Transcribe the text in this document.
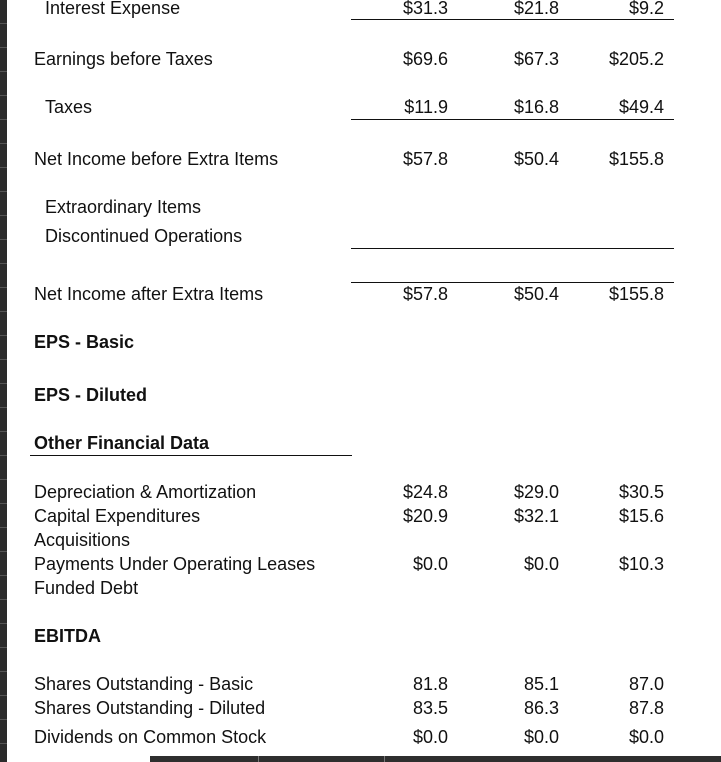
Interest Expense	$31.3	$21.8	$9.2
Earnings before Taxes	$69.6	$67.3	$205.2
Taxes	$11.9	$16.8	$49.4
Net Income before Extra Items	$57.8	$50.4	$155.8
Extraordinary Items
Discontinued Operations
Net Income after Extra Items	$57.8	$50.4	$155.8
EPS - Basic
EPS - Diluted
Other Financial Data
Depreciation & Amortization	$24.8	$29.0	$30.5
Capital Expenditures	$20.9	$32.1	$15.6
Acquisitions
Payments Under Operating Leases	$0.0	$0.0	$10.3
Funded Debt
EBITDA
Shares Outstanding - Basic	81.8	85.1	87.0
Shares Outstanding - Diluted	83.5	86.3	87.8
Dividends on Common Stock	$0.0	$0.0	$0.0
